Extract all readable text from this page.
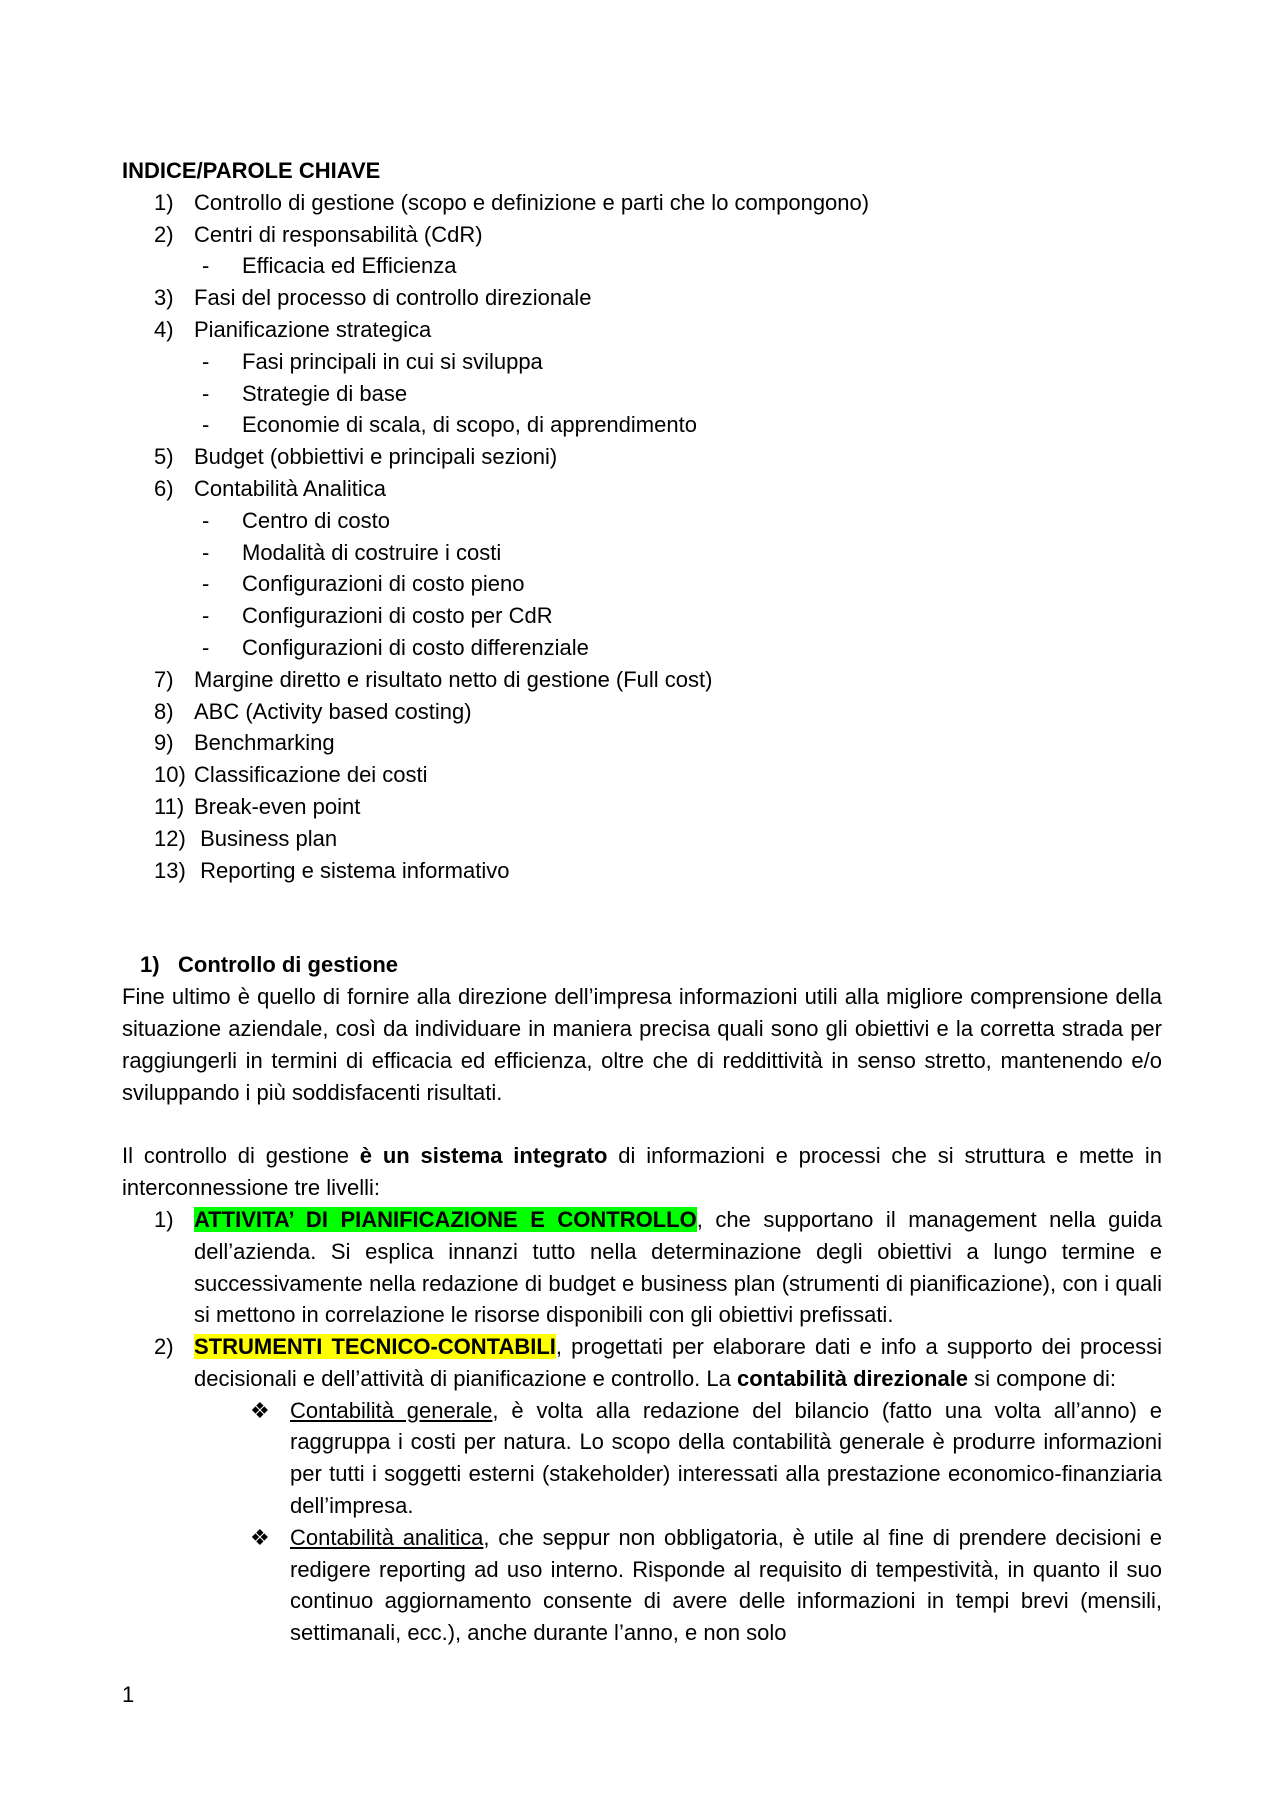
INDICE/PAROLE CHIAVE

1) Controllo di gestione (scopo e definizione e parti che lo compongono)
2) Centri di responsabilità (CdR)
-	Efficacia ed Efficienza
3) Fasi del processo di controllo direzionale
4) Pianificazione strategica
-	Fasi principali in cui si sviluppa
-	Strategie di base
-	Economie di scala, di scopo, di apprendimento
5) Budget (obbiettivi e principali sezioni)
6) Contabilità Analitica
-	Centro di costo
-	Modalità di costruire i costi
-	Configurazioni di costo pieno
-	Configurazioni di costo per CdR
-	Configurazioni di costo differenziale
7) Margine diretto e risultato netto di gestione (Full cost)
8) ABC (Activity based costing)
9) Benchmarking
10) Classificazione dei costi
11) Break-even point
12) Business plan
13) Reporting e sistema informativo
1) Controllo di gestione

Fine ultimo è quello di fornire alla direzione dell’impresa informazioni utili alla migliore comprensione della situazione aziendale, così da individuare in maniera precisa quali sono gli obiettivi e la corretta strada per raggiungerli in termini di efficacia ed efficienza, oltre che di reddittività in senso stretto, mantenendo e/o sviluppando i più soddisfacenti risultati.

Il controllo di gestione è un sistema integrato di informazioni e processi che si struttura e mette in interconnessione tre livelli:

1) ATTIVITA’ DI PIANIFICAZIONE E CONTROLLO, che supportano il management nella guida dell’azienda. Si esplica innanzi tutto nella determinazione degli obiettivi a lungo termine e successivamente nella redazione di budget e business plan (strumenti di pianificazione), con i quali si mettono in correlazione le risorse disponibili con gli obiettivi prefissati.
2) STRUMENTI TECNICO-CONTABILI, progettati per elaborare dati e info a supporto dei processi decisionali e dell’attività di pianificazione e controllo. La contabilità direzionale si compone di:
❖ Contabilità generale, è volta alla redazione del bilancio (fatto una volta all’anno) e raggruppa i costi per natura. Lo scopo della contabilità generale è produrre informazioni per tutti i soggetti esterni (stakeholder) interessati alla prestazione economico-finanziaria dell’impresa.
❖ Contabilità analitica, che seppur non obbligatoria, è utile al fine di prendere decisioni e redigere reporting ad uso interno. Risponde al requisito di tempestività, in quanto il suo continuo aggiornamento consente di avere delle informazioni in tempi brevi (mensili, settimanali, ecc.), anche durante l’anno, e non solo
1
